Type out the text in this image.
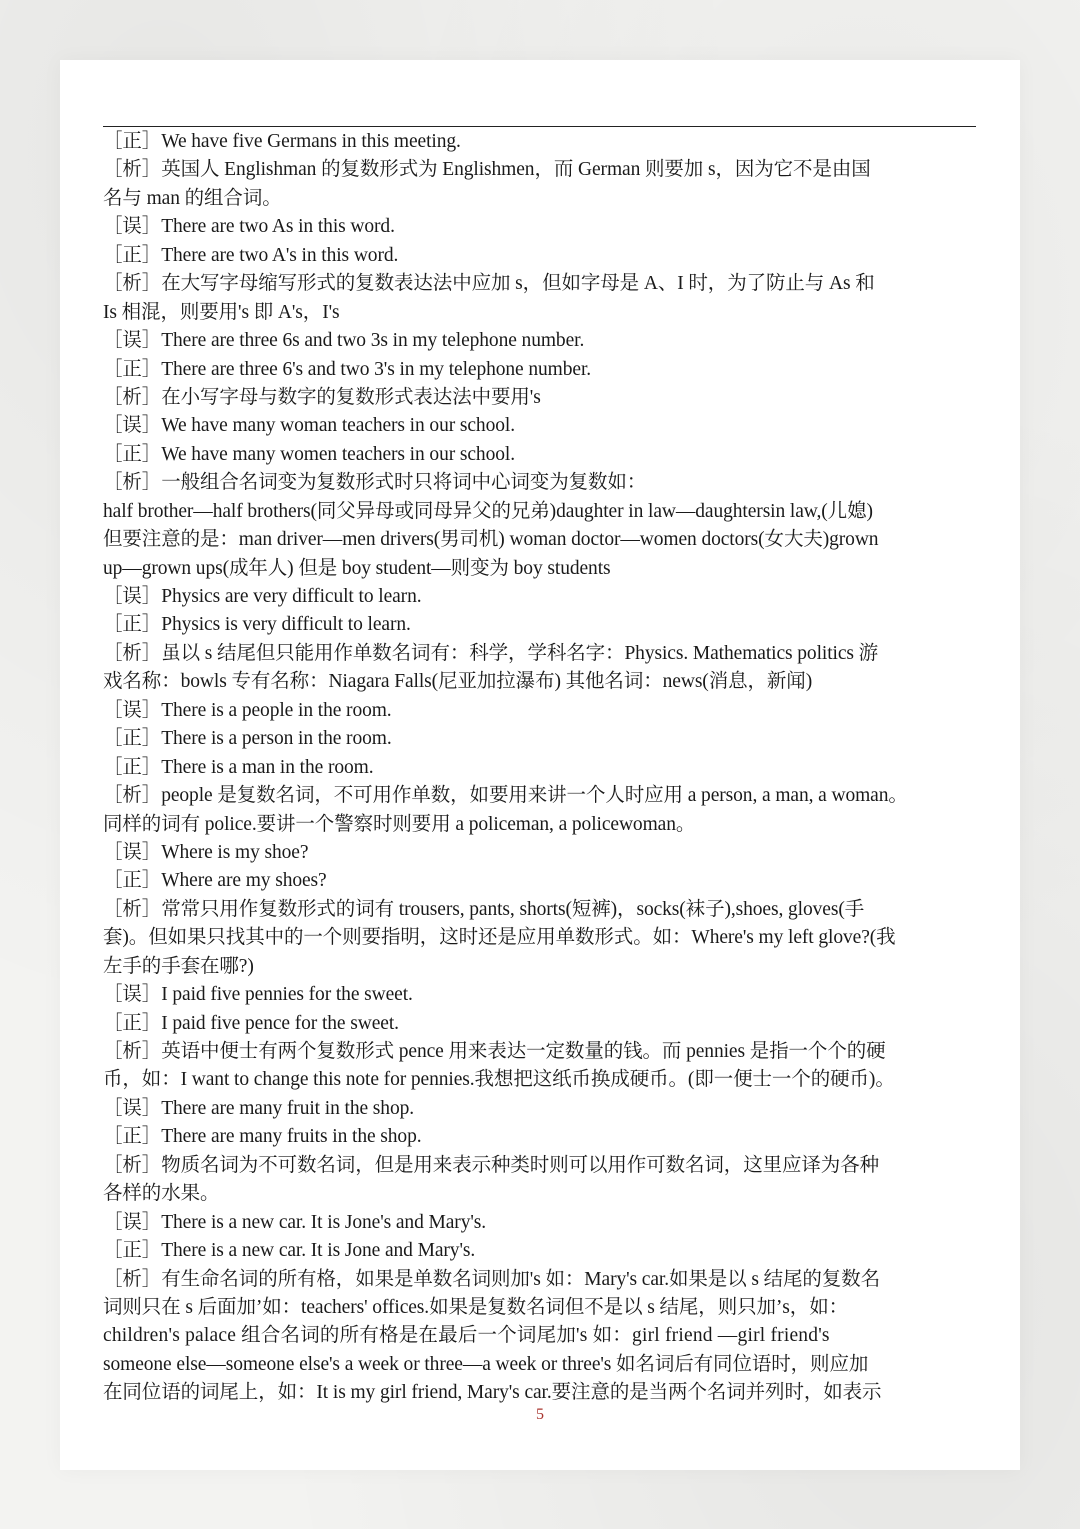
［正］We have five Germans in this meeting.
［析］英国人 Englishman 的复数形式为 Englishmen，而 German 则要加 s，因为它不是由国
名与 man 的组合词。
［误］There are two As in this word.
［正］There are two A's in this word.
［析］在大写字母缩写形式的复数表达法中应加 s，但如字母是 A、I 时，为了防止与 As 和
Is 相混，则要用's 即 A's，I's
［误］There are three 6s and two 3s in my telephone number.
［正］There are three 6's and two 3's in my telephone number.
［析］在小写字母与数字的复数形式表达法中要用's
［误］We have many woman teachers in our school.
［正］We have many women teachers in our school.
［析］一般组合名词变为复数形式时只将词中心词变为复数如：
half brother—half brothers(同父异母或同母异父的兄弟)daughter in law—daughtersin law,(儿媳)
但要注意的是：man driver—men drivers(男司机) woman doctor—women doctors(女大夫)grown
up—grown ups(成年人) 但是 boy student—则变为 boy students
［误］Physics are very difficult to learn.
［正］Physics is very difficult to learn.
［析］虽以 s 结尾但只能用作单数名词有：科学，学科名字：Physics. Mathematics politics 游
戏名称：bowls 专有名称：Niagara Falls(尼亚加拉瀑布) 其他名词：news(消息，新闻)
［误］There is a people in the room.
［正］There is a person in the room.
［正］There is a man in the room.
［析］people 是复数名词，不可用作单数，如要用来讲一个人时应用 a person, a man, a woman。
同样的词有 police.要讲一个警察时则要用 a policeman, a policewoman。
［误］Where is my shoe?
［正］Where are my shoes?
［析］常常只用作复数形式的词有 trousers, pants, shorts(短裤)，socks(袜子),shoes, gloves(手
套)。但如果只找其中的一个则要指明，这时还是应用单数形式。如：Where's my left glove?(我
左手的手套在哪?)
［误］I paid five pennies for the sweet.
［正］I paid five pence for the sweet.
［析］英语中便士有两个复数形式 pence 用来表达一定数量的钱。而 pennies 是指一个个的硬
币，如：I want to change this note for pennies.我想把这纸币换成硬币。(即一便士一个的硬币)。
［误］There are many fruit in the shop.
［正］There are many fruits in the shop.
［析］物质名词为不可数名词，但是用来表示种类时则可以用作可数名词，这里应译为各种
各样的水果。
［误］There is a new car. It is Jone's and Mary's.
［正］There is a new car. It is Jone and Mary's.
［析］有生命名词的所有格，如果是单数名词则加's 如：Mary's car.如果是以 s 结尾的复数名
词则只在 s 后面加’如：teachers' offices.如果是复数名词但不是以 s 结尾，则只加’s，如：
children's palace 组合名词的所有格是在最后一个词尾加's 如：girl friend —girl friend's
someone else—someone else's a week or three—a week or three's 如名词后有同位语时，则应加
在同位语的词尾上，如：It is my girl friend, Mary's car.要注意的是当两个名词并列时，如表示
5
